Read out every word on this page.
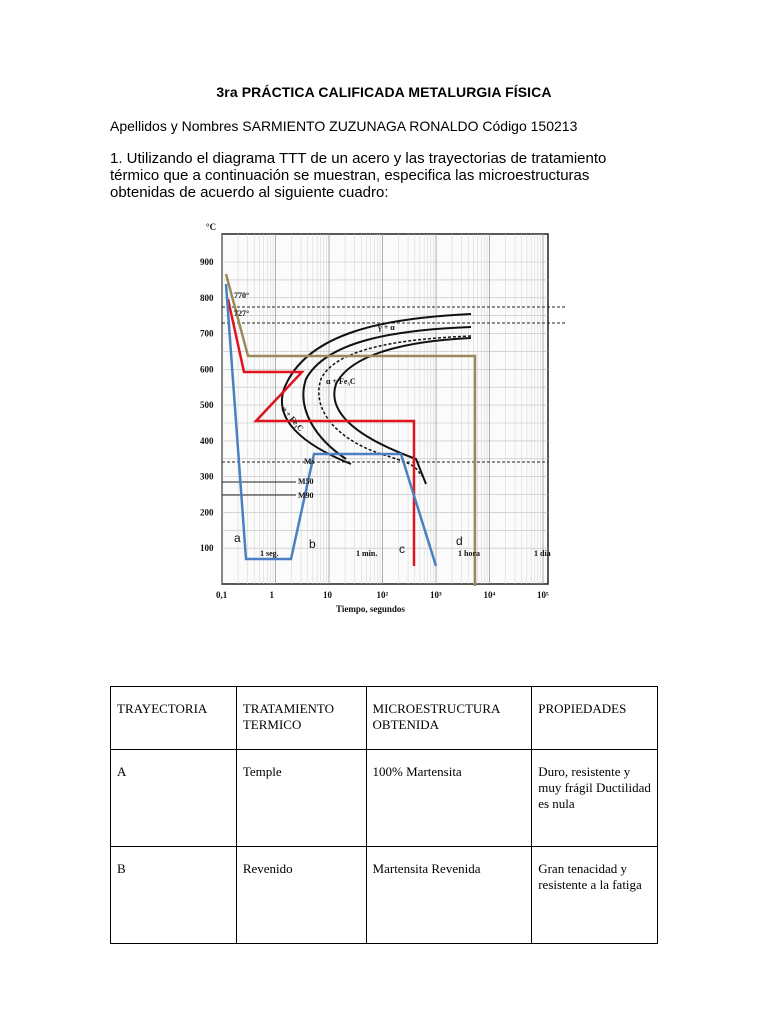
3ra PRÁCTICA CALIFICADA METALURGIA FÍSICA
Apellidos y Nombres SARMIENTO ZUZUNAGA RONALDO Código 150213
1. Utilizando el diagrama TTT de un acero y las trayectorias de tratamiento térmico que a continuación se muestran, especifica las microestructuras obtenidas de acuerdo al siguiente cuadro:
γ + α
α + Fe₃C
α + Fe₃C
770°
727°
Ms
M50
M90
1 seg.	1 min.	1 hora	1 día
a	b	c
d
°C
900
800
700
600
500
400
300
200
100
0,1	1	10	10²	10³	10⁴	10⁵
Tiempo, segundos
TRAYECTORIA	TRATAMIENTO TERMICO	MICROESTRUCTURA OBTENIDA	PROPIEDADES
A	Temple	100% Martensita	Duro, resistente y muy frágil Ductilidad es nula
B	Revenido	Martensita Revenida	Gran tenacidad y resistente a la fatiga
